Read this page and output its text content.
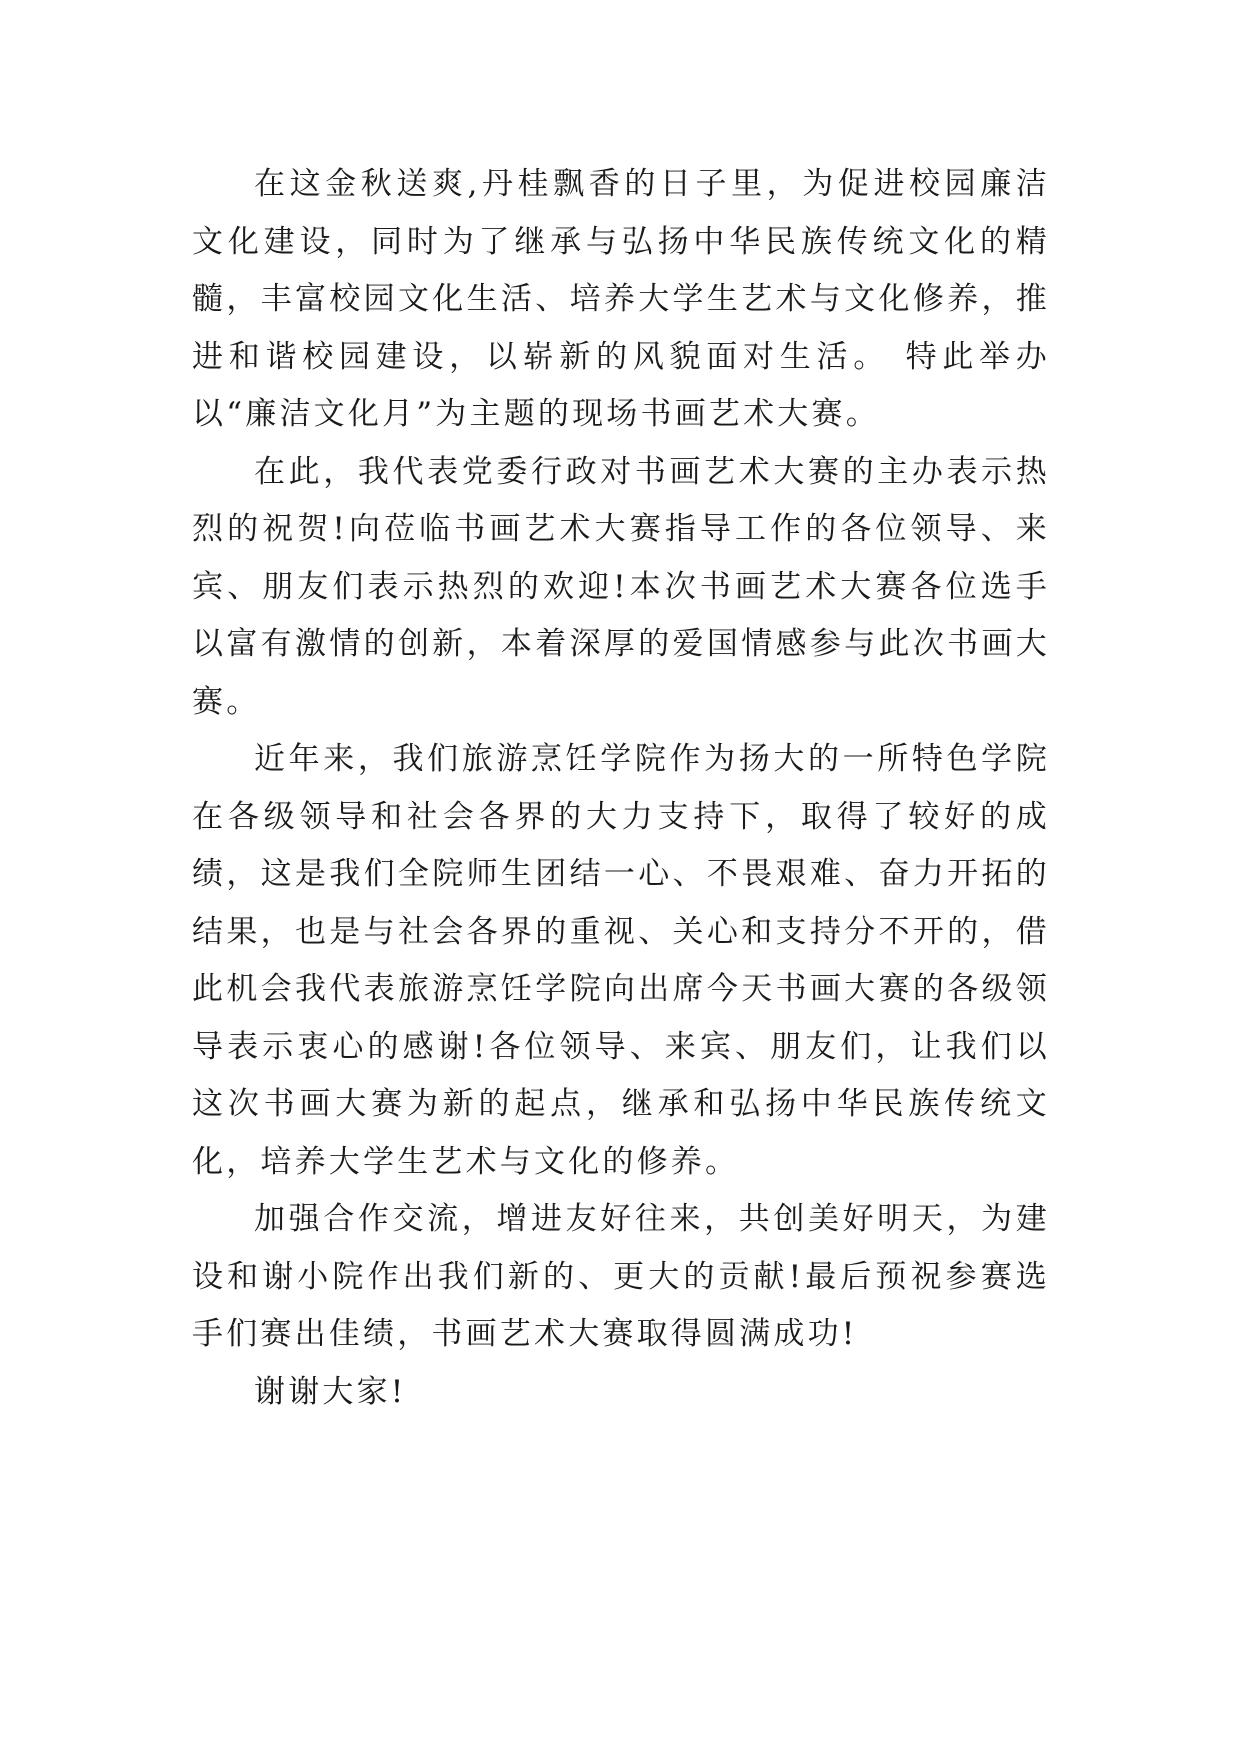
在这金秋送爽,丹桂飘香的日子里，为促进校园廉洁文化建设，同时为了继承与弘扬中华民族传统文化的精髓，丰富校园文化生活、培养大学生艺术与文化修养，推进和谐校园建设，以崭新的风貌面对生活。 特此举办以“廉洁文化月”为主题的现场书画艺术大赛。

在此，我代表党委行政对书画艺术大赛的主办表示热烈的祝贺!向莅临书画艺术大赛指导工作的各位领导、来宾、朋友们表示热烈的欢迎!本次书画艺术大赛各位选手以富有激情的创新，本着深厚的爱国情感参与此次书画大赛。

近年来，我们旅游烹饪学院作为扬大的一所特色学院在各级领导和社会各界的大力支持下，取得了较好的成绩，这是我们全院师生团结一心、不畏艰难、奋力开拓的结果，也是与社会各界的重视、关心和支持分不开的，借此机会我代表旅游烹饪学院向出席今天书画大赛的各级领导表示衷心的感谢!各位领导、来宾、朋友们，让我们以这次书画大赛为新的起点，继承和弘扬中华民族传统文化，培养大学生艺术与文化的修养。

加强合作交流，增进友好往来，共创美好明天，为建设和谢小院作出我们新的、更大的贡献!最后预祝参赛选手们赛出佳绩，书画艺术大赛取得圆满成功!

谢谢大家!
